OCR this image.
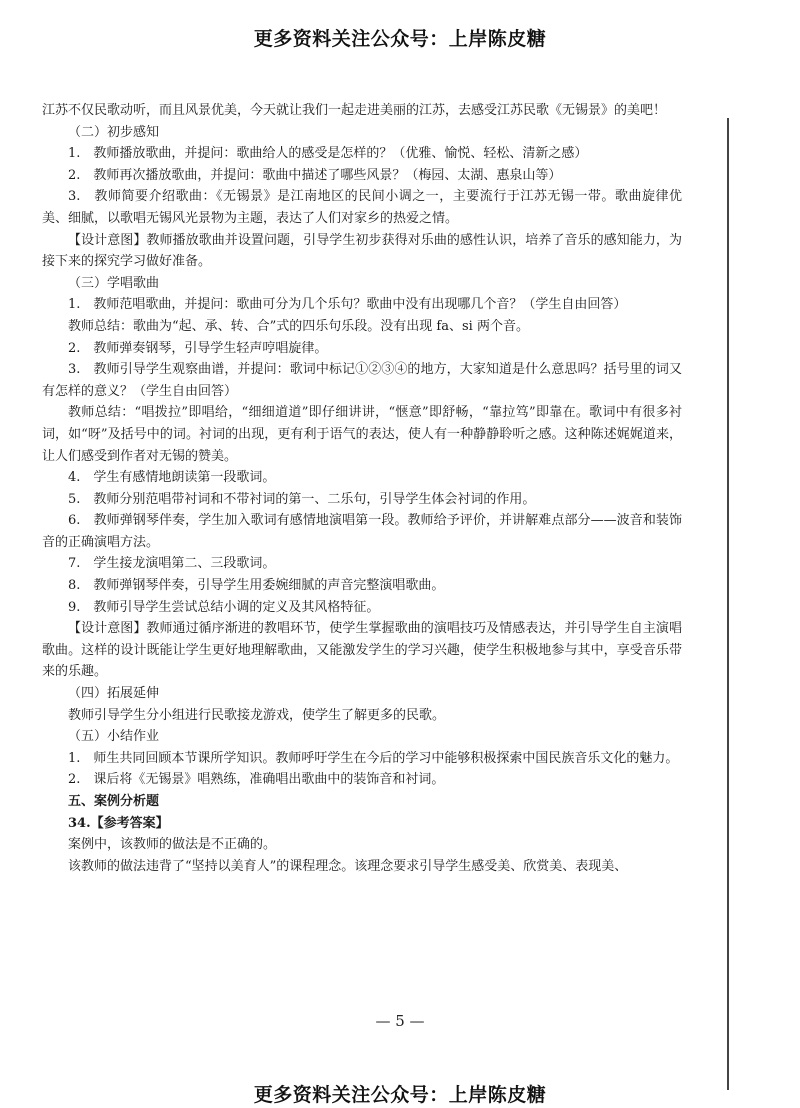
更多资料关注公众号：上岸陈皮糖

江苏不仅民歌动听，而且风景优美，今天就让我们一起走进美丽的江苏，去感受江苏民歌《无锡景》的美吧！

（二）初步感知

1.　教师播放歌曲，并提问：歌曲给人的感受是怎样的？（优雅、愉悦、轻松、清新之感）

2.　教师再次播放歌曲，并提问：歌曲中描述了哪些风景？（梅园、太湖、惠泉山等）

3.　教师简要介绍歌曲：《无锡景》是江南地区的民间小调之一，主要流行于江苏无锡一带。歌曲旋律优美、细腻，以歌唱无锡风光景物为主题，表达了人们对家乡的热爱之情。

【设计意图】教师播放歌曲并设置问题，引导学生初步获得对乐曲的感性认识，培养了音乐的感知能力，为接下来的探究学习做好准备。

（三）学唱歌曲

1.　教师范唱歌曲，并提问：歌曲可分为几个乐句？歌曲中没有出现哪几个音？（学生自由回答）

教师总结：歌曲为“起、承、转、合”式的四乐句乐段。没有出现 fa、si 两个音。

2.　教师弹奏钢琴，引导学生轻声哼唱旋律。

3.　教师引导学生观察曲谱，并提问：歌词中标记①②③④的地方，大家知道是什么意思吗？括号里的词又有怎样的意义？（学生自由回答）

教师总结：“唱拨拉”即唱给，“细细道道”即仔细讲讲，“惬意”即舒畅，“靠拉笃”即靠在。歌词中有很多衬词，如“呀”及括号中的词。衬词的出现，更有利于语气的表达，使人有一种静静聆听之感。这种陈述娓娓道来，让人们感受到作者对无锡的赞美。

4.　学生有感情地朗读第一段歌词。

5.　教师分别范唱带衬词和不带衬词的第一、二乐句，引导学生体会衬词的作用。

6.　教师弹钢琴伴奏，学生加入歌词有感情地演唱第一段。教师给予评价，并讲解难点部分——波音和装饰音的正确演唱方法。

7.　学生接龙演唱第二、三段歌词。

8.　教师弹钢琴伴奏，引导学生用委婉细腻的声音完整演唱歌曲。

9.　教师引导学生尝试总结小调的定义及其风格特征。

【设计意图】教师通过循序渐进的教唱环节，使学生掌握歌曲的演唱技巧及情感表达，并引导学生自主演唱歌曲。这样的设计既能让学生更好地理解歌曲，又能激发学生的学习兴趣，使学生积极地参与其中，享受音乐带来的乐趣。

（四）拓展延伸

教师引导学生分小组进行民歌接龙游戏，使学生了解更多的民歌。

（五）小结作业

1.　师生共同回顾本节课所学知识。教师呼吁学生在今后的学习中能够积极探索中国民族音乐文化的魅力。

2.　课后将《无锡景》唱熟练，准确唱出歌曲中的装饰音和衬词。

五、案例分析题

34.【参考答案】

案例中，该教师的做法是不正确的。

该教师的做法违背了“坚持以美育人”的课程理念。该理念要求引导学生感受美、欣赏美、表现美、

— 5 —
更多资料关注公众号：上岸陈皮糖
